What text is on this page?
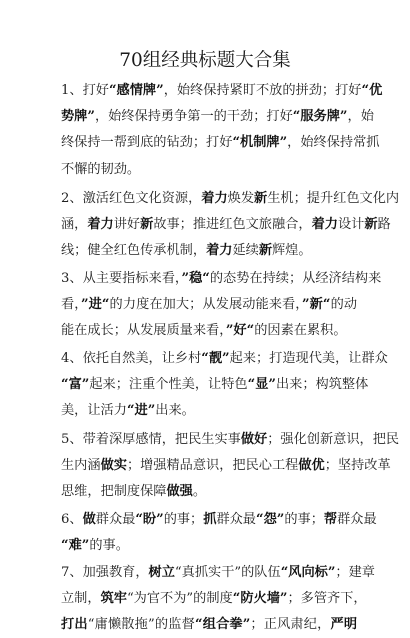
70组经典标题大合集
1、打好“感情牌”，始终保持紧盯不放的拼劲；打好“优
势牌”，始终保持勇争第一的干劲；打好“服务牌”，始
终保持一帮到底的钻劲；打好“机制牌”，始终保持常抓
不懈的韧劲。
2、激活红色文化资源，着力焕发新生机；提升红色文化内
涵，着力讲好新故事；推进红色文旅融合，着力设计新路
线；健全红色传承机制，着力延续新辉煌。
3、从主要指标来看，”稳“的态势在持续；从经济结构来
看，”进“的力度在加大；从发展动能来看，”新“的动
能在成长；从发展质量来看，”好“的因素在累积。
4、依托自然美，让乡村“靓”起来；打造现代美，让群众
“富”起来；注重个性美，让特色“显”出来；构筑整体
美，让活力“进”出来。
5、带着深厚感情，把民生实事做好；强化创新意识，把民
生内涵做实；增强精品意识，把民心工程做优；坚持改革
思维，把制度保障做强。
6、做群众最“盼”的事；抓群众最“怨”的事；帮群众最
“难”的事。
7、加强教育，树立“真抓实干”的队伍“风向标”；建章
立制，筑牢“为官不为”的制度“防火墙”；多管齐下，
打出“庸懒散拖”的监督“组合拳”；正风肃纪，严明
